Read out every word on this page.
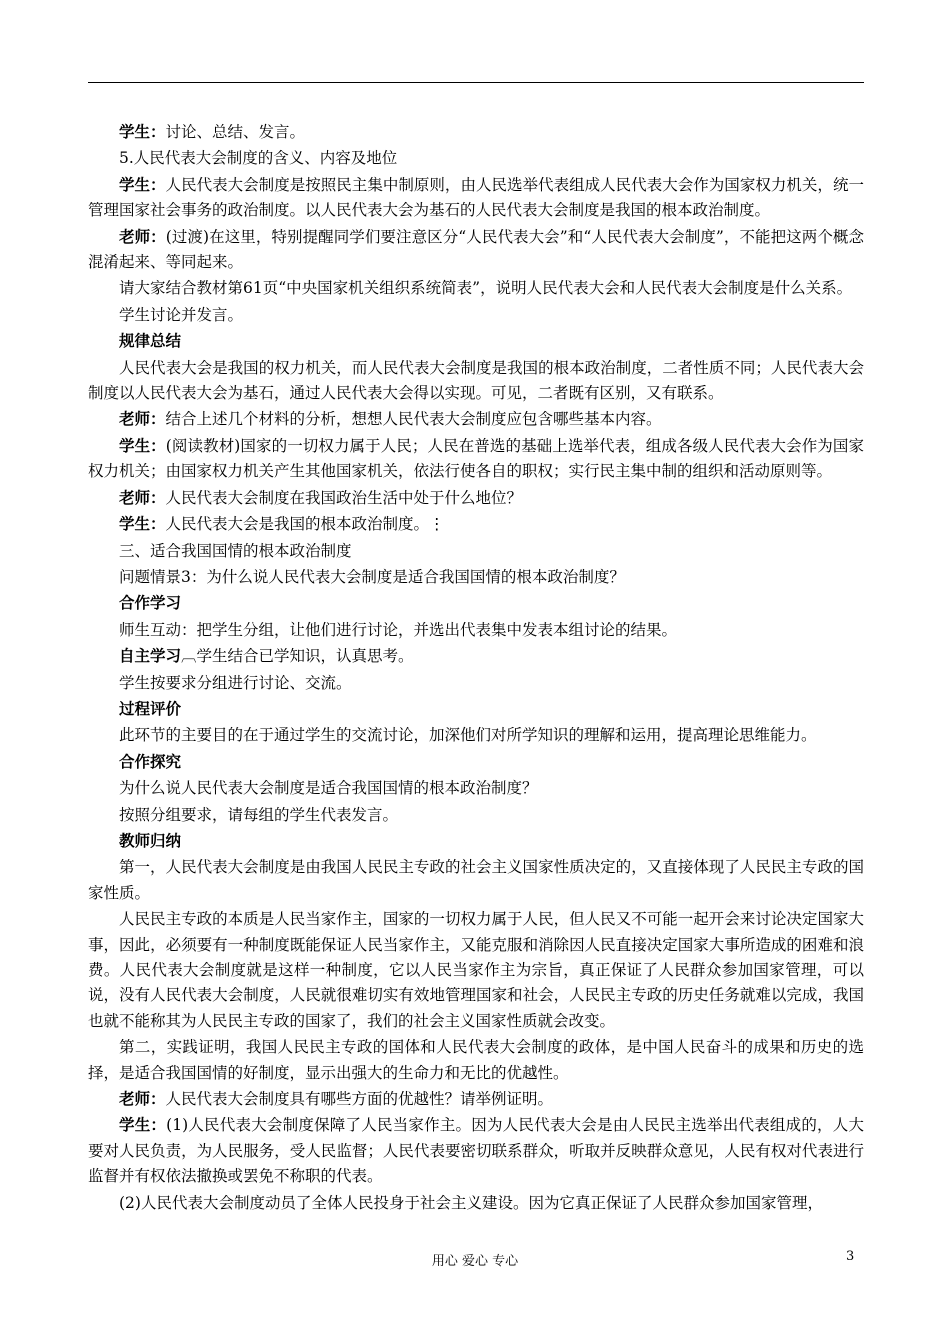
学生：讨论、总结、发言。

5.人民代表大会制度的含义、内容及地位

学生：人民代表大会制度是按照民主集中制原则，由人民选举代表组成人民代表大会作为国家权力机关，统一管理国家社会事务的政治制度。以人民代表大会为基石的人民代表大会制度是我国的根本政治制度。

老师：(过渡)在这里，特别提醒同学们要注意区分“人民代表大会”和“人民代表大会制度”，不能把这两个概念混淆起来、等同起来。

请大家结合教材第61页“中央国家机关组织系统简表”，说明人民代表大会和人民代表大会制度是什么关系。

学生讨论并发言。

规律总结

人民代表大会是我国的权力机关，而人民代表大会制度是我国的根本政治制度，二者性质不同；人民代表大会制度以人民代表大会为基石，通过人民代表大会得以实现。可见，二者既有区别，又有联系。

老师：结合上述几个材料的分析，想想人民代表大会制度应包含哪些基本内容。

学生：(阅读教材)国家的一切权力属于人民；人民在普选的基础上选举代表，组成各级人民代表大会作为国家权力机关；由国家权力机关产生其他国家机关，依法行使各自的职权；实行民主集中制的组织和活动原则等。

老师：人民代表大会制度在我国政治生活中处于什么地位？

学生：人民代表大会是我国的根本政治制度。⋮

三、适合我国国情的根本政治制度

问题情景3：为什么说人民代表大会制度是适合我国国情的根本政治制度？

合作学习

师生互动：把学生分组，让他们进行讨论，并选出代表集中发表本组讨论的结果。

自主学习︹学生结合已学知识，认真思考。

学生按要求分组进行讨论、交流。

过程评价

此环节的主要目的在于通过学生的交流讨论，加深他们对所学知识的理解和运用，提高理论思维能力。

合作探究

为什么说人民代表大会制度是适合我国国情的根本政治制度？

按照分组要求，请每组的学生代表发言。

教师归纳

第一，人民代表大会制度是由我国人民民主专政的社会主义国家性质决定的，又直接体现了人民民主专政的国家性质。

人民民主专政的本质是人民当家作主，国家的一切权力属于人民，但人民又不可能一起开会来讨论决定国家大事，因此，必须要有一种制度既能保证人民当家作主，又能克服和消除因人民直接决定国家大事所造成的困难和浪费。人民代表大会制度就是这样一种制度，它以人民当家作主为宗旨，真正保证了人民群众参加国家管理，可以说，没有人民代表大会制度，人民就很难切实有效地管理国家和社会，人民民主专政的历史任务就难以完成，我国也就不能称其为人民民主专政的国家了，我们的社会主义国家性质就会改变。

第二，实践证明，我国人民民主专政的国体和人民代表大会制度的政体，是中国人民奋斗的成果和历史的选择，是适合我国国情的好制度，显示出强大的生命力和无比的优越性。

老师：人民代表大会制度具有哪些方面的优越性？请举例证明。

学生：(1)人民代表大会制度保障了人民当家作主。因为人民代表大会是由人民民主选举出代表组成的，人大要对人民负责，为人民服务，受人民监督；人民代表要密切联系群众，听取并反映群众意见，人民有权对代表进行监督并有权依法撤换或罢免不称职的代表。

(2)人民代表大会制度动员了全体人民投身于社会主义建设。因为它真正保证了人民群众参加国家管理，

用心 爱心 专心	3
